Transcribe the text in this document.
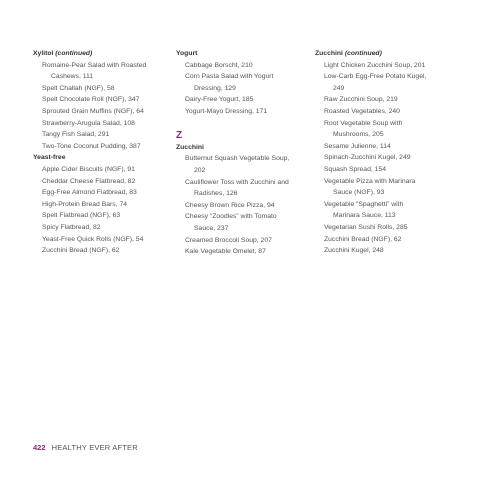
Xylitol (continued)
Romaine-Pear Salad with Roasted
Cashews, 111
Spelt Challah (NGF), 58
Spelt Chocolate Roll (NGF), 347
Sprouted Grain Muffins (NGF), 64
Strawberry-Arugula Salad, 108
Tangy Fish Salad, 291
Two-Tone Coconut Pudding, 387
Yeast-free
Apple Cider Biscuits (NGF), 91
Cheddar Cheese Flatbread, 82
Egg-Free Almond Flatbread, 83
High-Protein Bread Bars, 74
Spelt Flatbread (NGF), 63
Spicy Flatbread, 82
Yeast-Free Quick Rolls (NGF), 54
Zucchini Bread (NGF), 62
Yogurt
Cabbage Borscht, 210
Corn Pasta Salad with Yogurt
Dressing, 129
Dairy-Free Yogurt, 185
Yogurt-Mayo Dressing, 171
Z
Zucchini
Butternut Squash Vegetable Soup,
202
Cauliflower Toss with Zucchini and
Radishes, 126
Cheesy Brown Rice Pizza, 94
Cheesy “Zoodles” with Tomato
Sauce, 237
Creamed Broccoli Soup, 207
Kale Vegetable Omelet, 87
Zucchini (continued)
Light Chicken Zucchini Soup, 201
Low-Carb Egg-Free Potato Kugel,
249
Raw Zucchini Soup, 219
Roasted Vegetables, 240
Root Vegetable Soup with
Mushrooms, 205
Sesame Julienne, 114
Spinach-Zucchini Kugel, 249
Squash Spread, 154
Vegetable Pizza with Marinara
Sauce (NGF), 93
Vegetable “Spaghetti” with
Marinara Sauce, 113
Vegetarian Sushi Rolls, 285
Zucchini Bread (NGF), 62
Zucchini Kugel, 248
422 HEALTHY EVER AFTER
